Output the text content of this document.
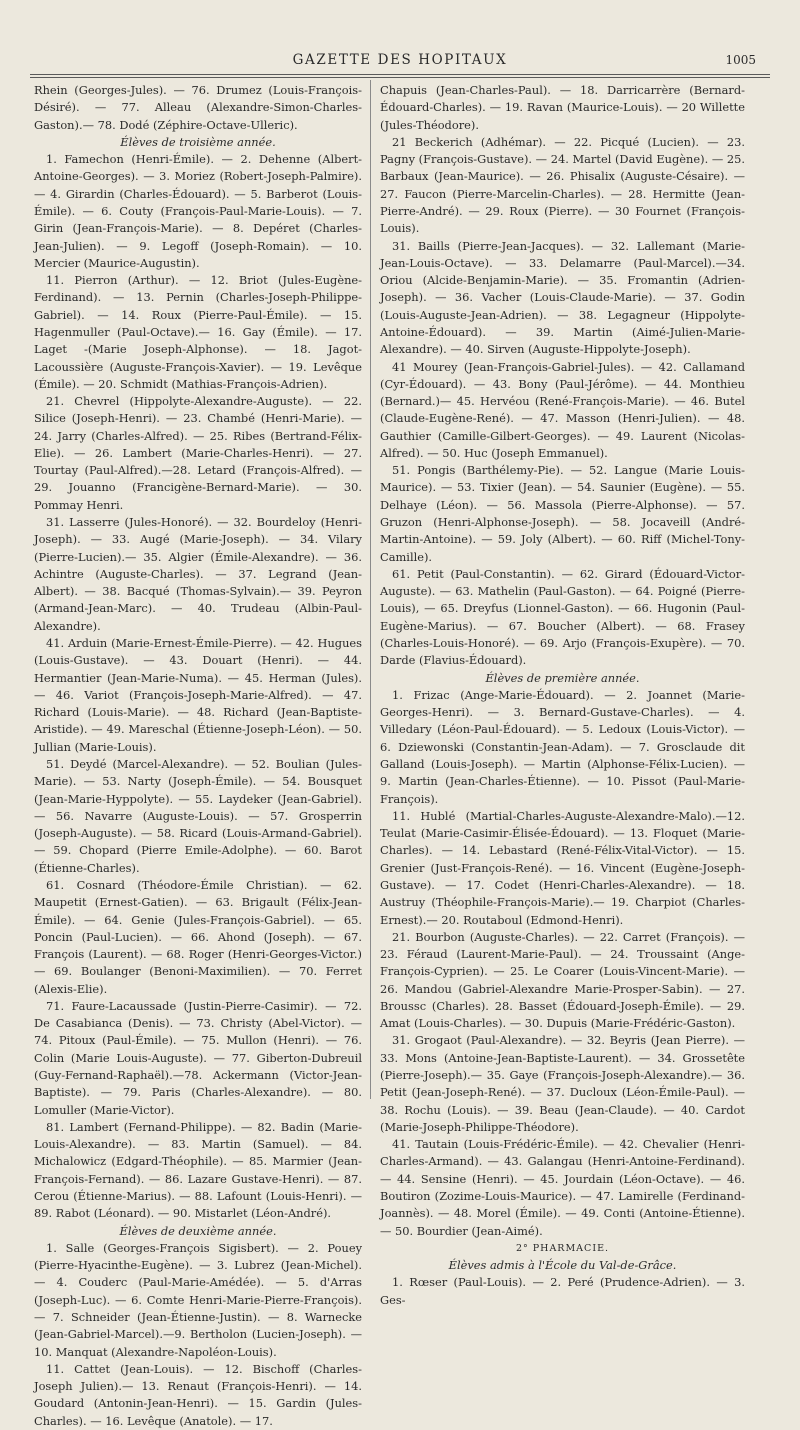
GAZETTE DES HOPITAUX	1005

Rhein (Georges-Jules). — 76. Drumez (Louis-François-Désiré). — 77. Alleau (Alexandre-Simon-Charles-Gaston).— 78. Dodé (Zéphire-Octave-Ulleric).

Élèves de troisième année.

1. Famechon (Henri-Émile). — 2. Dehenne (Albert-Antoine-Georges). — 3. Moriez (Robert-Joseph-Palmire). — 4. Girardin (Charles-Édouard). — 5. Barberot (Louis-Émile). — 6. Couty (François-Paul-Marie-Louis). — 7. Girin (Jean-François-Marie). — 8. Depéret (Charles-Jean-Julien). — 9. Legoff (Joseph-Romain). — 10. Mercier (Maurice-Augustin).

11. Pierron (Arthur). — 12. Briot (Jules-Eugène-Ferdinand). — 13. Pernin (Charles-Joseph-Philippe-Gabriel). — 14. Roux (Pierre-Paul-Émile). — 15. Hagenmuller (Paul-Octave).— 16. Gay (Émile). — 17. Laget -(Marie Joseph-Alphonse). — 18. Jagot-Lacoussière (Auguste-François-Xavier). — 19. Levêque (Émile). — 20. Schmidt (Mathias-François-Adrien).

21. Chevrel (Hippolyte-Alexandre-Auguste). — 22. Silice (Joseph-Henri). — 23. Chambé (Henri-Marie). — 24. Jarry (Charles-Alfred). — 25. Ribes (Bertrand-Félix-Elie). — 26. Lambert (Marie-Charles-Henri). — 27. Tourtay (Paul-Alfred).—28. Letard (François-Alfred). — 29. Jouanno (Francigène-Bernard-Marie). — 30. Pommay Henri.

31. Lasserre (Jules-Honoré). — 32. Bourdeloy (Henri-Joseph). — 33. Augé (Marie-Joseph). — 34. Vilary (Pierre-Lucien).— 35. Algier (Émile-Alexandre). — 36. Achintre (Auguste-Charles). — 37. Legrand (Jean-Albert). — 38. Bacqué (Thomas-Sylvain).— 39. Peyron (Armand-Jean-Marc). — 40. Trudeau (Albin-Paul-Alexandre).

41. Arduin (Marie-Ernest-Émile-Pierre). — 42. Hugues (Louis-Gustave). — 43. Douart (Henri). — 44. Hermantier (Jean-Marie-Numa). — 45. Herman (Jules). — 46. Variot (François-Joseph-Marie-Alfred). — 47. Richard (Louis-Marie). — 48. Richard (Jean-Baptiste-Aristide). — 49. Mareschal (Étienne-Joseph-Léon). — 50. Jullian (Marie-Louis).

51. Deydé (Marcel-Alexandre). — 52. Boulian (Jules-Marie). — 53. Narty (Joseph-Émile). — 54. Bousquet (Jean-Marie-Hyppolyte). — 55. Laydeker (Jean-Gabriel). — 56. Navarre (Auguste-Louis). — 57. Grosperrin (Joseph-Auguste). — 58. Ricard (Louis-Armand-Gabriel). — 59. Chopard (Pierre Emile-Adolphe). — 60. Barot (Étienne-Charles).

61. Cosnard (Théodore-Émile Christian). — 62. Maupetit (Ernest-Gatien). — 63. Brigault (Félix-Jean-Émile). — 64. Genie (Jules-François-Gabriel). — 65. Poncin (Paul-Lucien). — 66. Ahond (Joseph). — 67. François (Laurent). — 68. Roger (Henri-Georges-Victor.) — 69. Boulanger (Benoni-Maximilien). — 70. Ferret (Alexis-Elie).

71. Faure-Lacaussade (Justin-Pierre-Casimir). — 72. De Casabianca (Denis). — 73. Christy (Abel-Victor). — 74. Pitoux (Paul-Émile). — 75. Mullon (Henri). — 76. Colin (Marie Louis-Auguste). — 77. Giberton-Dubreuil (Guy-Fernand-Raphaël).—78. Ackermann (Victor-Jean-Baptiste). — 79. Paris (Charles-Alexandre). — 80. Lomuller (Marie-Victor).

81. Lambert (Fernand-Philippe). — 82. Badin (Marie-Louis-Alexandre). — 83. Martin (Samuel). — 84. Michalowicz (Edgard-Théophile). — 85. Marmier (Jean-François-Fernand). — 86. Lazare Gustave-Henri). — 87. Cerou (Étienne-Marius). — 88. Lafount (Louis-Henri). — 89. Rabot (Léonard). — 90. Mistarlet (Léon-André).

Élèves de deuxième année.

1. Salle (Georges-François Sigisbert). — 2. Pouey (Pierre-Hyacinthe-Eugène). — 3. Lubrez (Jean-Michel). — 4. Couderc (Paul-Marie-Amédée). — 5. d'Arras (Joseph-Luc). — 6. Comte Henri-Marie-Pierre-François). — 7. Schneider (Jean-Étienne-Justin). — 8. Warnecke (Jean-Gabriel-Marcel).—9. Bertholon (Lucien-Joseph). — 10. Manquat (Alexandre-Napoléon-Louis).

11. Cattet (Jean-Louis). — 12. Bischoff (Charles-Joseph Julien).— 13. Renaut (François-Henri). — 14. Goudard (Antonin-Jean-Henri). — 15. Gardin (Jules-Charles). — 16. Levêque (Anatole). — 17.

Chapuis (Jean-Charles-Paul). — 18. Darricarrère (Bernard-Édouard-Charles). — 19. Ravan (Maurice-Louis). — 20 Willette (Jules-Théodore).

21 Beckerich (Adhémar). — 22. Picqué (Lucien). — 23. Pagny (François-Gustave). — 24. Martel (David Eugène). — 25. Barbaux (Jean-Maurice). — 26. Phisalix (Auguste-Césaire). — 27. Faucon (Pierre-Marcelin-Charles). — 28. Hermitte (Jean-Pierre-André). — 29. Roux (Pierre). — 30 Fournet (François-Louis).

31. Baills (Pierre-Jean-Jacques). — 32. Lallemant (Marie-Jean-Louis-Octave). — 33. Delamarre (Paul-Marcel).—34. Oriou (Alcide-Benjamin-Marie). — 35. Fromantin (Adrien-Joseph). — 36. Vacher (Louis-Claude-Marie). — 37. Godin (Louis-Auguste-Jean-Adrien). — 38. Legagneur (Hippolyte-Antoine-Édouard). — 39. Martin (Aimé-Julien-Marie-Alexandre). — 40. Sirven (Auguste-Hippolyte-Joseph).

41 Mourey (Jean-François-Gabriel-Jules). — 42. Callamand (Cyr-Édouard). — 43. Bony (Paul-Jérôme). — 44. Monthieu (Bernard.)— 45. Hervéou (René-François-Marie). — 46. Butel (Claude-Eugène-René). — 47. Masson (Henri-Julien). — 48. Gauthier (Camille-Gilbert-Georges). — 49. Laurent (Nicolas-Alfred). — 50. Huc (Joseph Emmanuel).

51. Pongis (Barthélemy-Pie). — 52. Langue (Marie Louis-Maurice). — 53. Tixier (Jean). — 54. Saunier (Eugène). — 55. Delhaye (Léon). — 56. Massola (Pierre-Alphonse). — 57. Gruzon (Henri-Alphonse-Joseph). — 58. Jocaveill (André-Martin-Antoine). — 59. Joly (Albert). — 60. Riff (Michel-Tony-Camille).

61. Petit (Paul-Constantin). — 62. Girard (Édouard-Victor-Auguste). — 63. Mathelin (Paul-Gaston). — 64. Poigné (Pierre-Louis), — 65. Dreyfus (Lionnel-Gaston). — 66. Hugonin (Paul-Eugène-Marius). — 67. Boucher (Albert). — 68. Frasey (Charles-Louis-Honoré). — 69. Arjo (François-Exupère). — 70. Darde (Flavius-Édouard).

Élèves de première année.

1. Frizac (Ange-Marie-Édouard). — 2. Joannet (Marie-Georges-Henri). — 3. Bernard-Gustave-Charles). — 4. Villedary (Léon-Paul-Édouard). — 5. Ledoux (Louis-Victor). — 6. Dziewonski (Constantin-Jean-Adam). — 7. Grosclaude dit Galland (Louis-Joseph). — Martin (Alphonse-Félix-Lucien). — 9. Martin (Jean-Charles-Étienne). — 10. Pissot (Paul-Marie-François).

11. Hublé (Martial-Charles-Auguste-Alexandre-Malo).—12. Teulat (Marie-Casimir-Élisée-Édouard). — 13. Floquet (Marie-Charles). — 14. Lebastard (René-Félix-Vital-Victor). — 15. Grenier (Just-François-René). — 16. Vincent (Eugène-Joseph-Gustave). — 17. Codet (Henri-Charles-Alexandre). — 18. Austruy (Théophile-François-Marie).— 19. Charpiot (Charles-Ernest).— 20. Routaboul (Edmond-Henri).

21. Bourbon (Auguste-Charles). — 22. Carret (François). — 23. Féraud (Laurent-Marie-Paul). — 24. Troussaint (Ange-François-Cyprien). — 25. Le Coarer (Louis-Vincent-Marie). — 26. Mandou (Gabriel-Alexandre Marie-Prosper-Sabin). — 27. Broussc (Charles). 28. Basset (Édouard-Joseph-Émile). — 29. Amat (Louis-Charles). — 30. Dupuis (Marie-Frédéric-Gaston).

31. Grogaot (Paul-Alexandre). — 32. Beyris (Jean Pierre). — 33. Mons (Antoine-Jean-Baptiste-Laurent). — 34. Grossetête (Pierre-Joseph).— 35. Gaye (François-Joseph-Alexandre).— 36. Petit (Jean-Joseph-René). — 37. Ducloux (Léon-Émile-Paul). — 38. Rochu (Louis). — 39. Beau (Jean-Claude). — 40. Cardot (Marie-Joseph-Philippe-Théodore).

41. Tautain (Louis-Frédéric-Émile). — 42. Chevalier (Henri-Charles-Armand). — 43. Galangau (Henri-Antoine-Ferdinand). — 44. Sensine (Henri). — 45. Jourdain (Léon-Octave). — 46. Boutiron (Zozime-Louis-Maurice). — 47. Lamirelle (Ferdinand-Joannès). — 48. Morel (Émile). — 49. Conti (Antoine-Étienne). — 50. Bourdier (Jean-Aimé).

2° PHARMACIE.
Élèves admis à l'École du Val-de-Grâce.

1. Rœser (Paul-Louis). — 2. Peré (Prudence-Adrien). — 3. Ges-
